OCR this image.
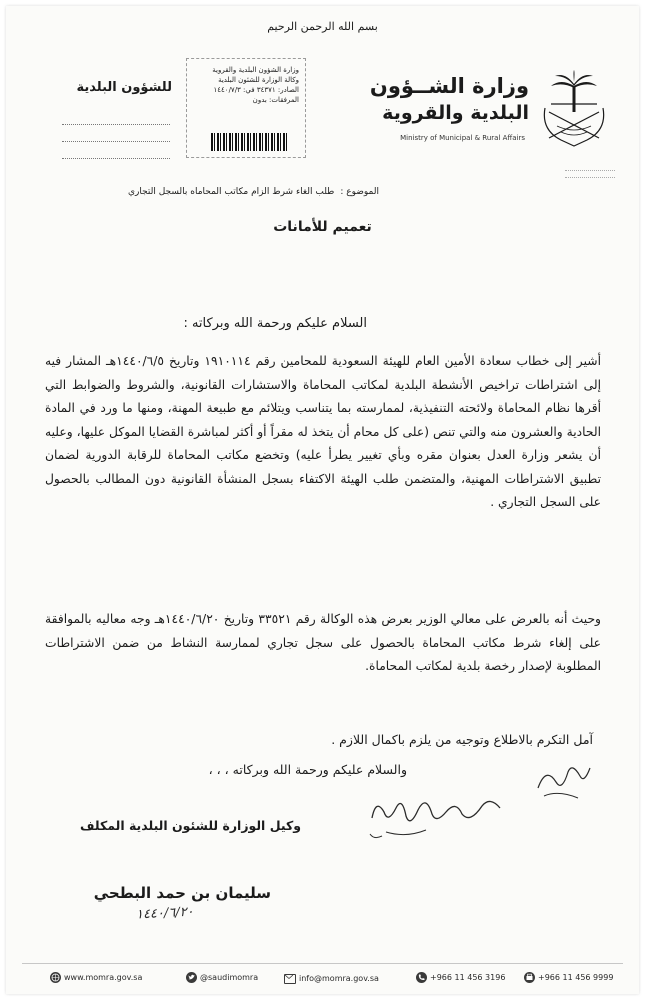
بسم الله الرحمن الرحيم
وزارة الشــؤون
البلدية والقروية
Ministry of Municipal & Rural Affairs
للشؤون البلدية
وزارة الشؤون البلدية والقروية
وكالة الوزارة للشئون البلدية
الصادر: ٣٤٣٧١ في: ١٤٤٠/٧/٣
المرفقات: بدون
الموضوع :طلب الغاء شرط الزام مكاتب المحاماه بالسجل التجاري
تعميم للأمانات
السلام عليكم ورحمة الله وبركاته :
أشير إلى خطاب سعادة الأمين العام للهيئة السعودية للمحامين رقم ١٩١٠١١٤ وتاريخ ١٤٤٠/٦/٥هـ المشار فيه إلى اشتراطات تراخيص الأنشطة البلدية لمكاتب المحاماة والاستشارات القانونية، والشروط والضوابط التي أقرها نظام المحاماة ولائحته التنفيذية، لممارسته بما يتناسب ويتلائم مع طبيعة المهنة، ومنها ما ورد في المادة الحادية والعشرون منه والتي تنص (على كل محام أن يتخذ له مقراً أو أكثر لمباشرة القضايا الموكل عليها، وعليه أن يشعر وزارة العدل بعنوان مقره وبأي تغيير يطرأ عليه) وتخضع مكاتب المحاماة للرقابة الدورية لضمان تطبيق الاشتراطات المهنية، والمتضمن طلب الهيئة الاكتفاء بسجل المنشأة القانونية دون المطالب بالحصول على السجل التجاري .
وحيث أنه بالعرض على معالي الوزير بعرض هذه الوكالة رقم ٣٣٥٢١ وتاريخ ١٤٤٠/٦/٢٠هـ وجه معاليه بالموافقة على إلغاء شرط مكاتب المحاماة بالحصول على سجل تجاري لممارسة النشاط من ضمن الاشتراطات المطلوبة لإصدار رخصة بلدية لمكاتب المحاماة.
آمل التكرم بالاطلاع وتوجيه من يلزم باكمال اللازم .
والسلام عليكم ورحمة الله وبركاته ، ، ،
وكيل الوزارة للشئون البلدية المكلف
سليمان بن حمد البطحي
١٤٤٠/٦/٢٠
www.momra.gov.sa	@saudimomra	info@momra.gov.sa	+966 11 456 3196	+966 11 456 9999
